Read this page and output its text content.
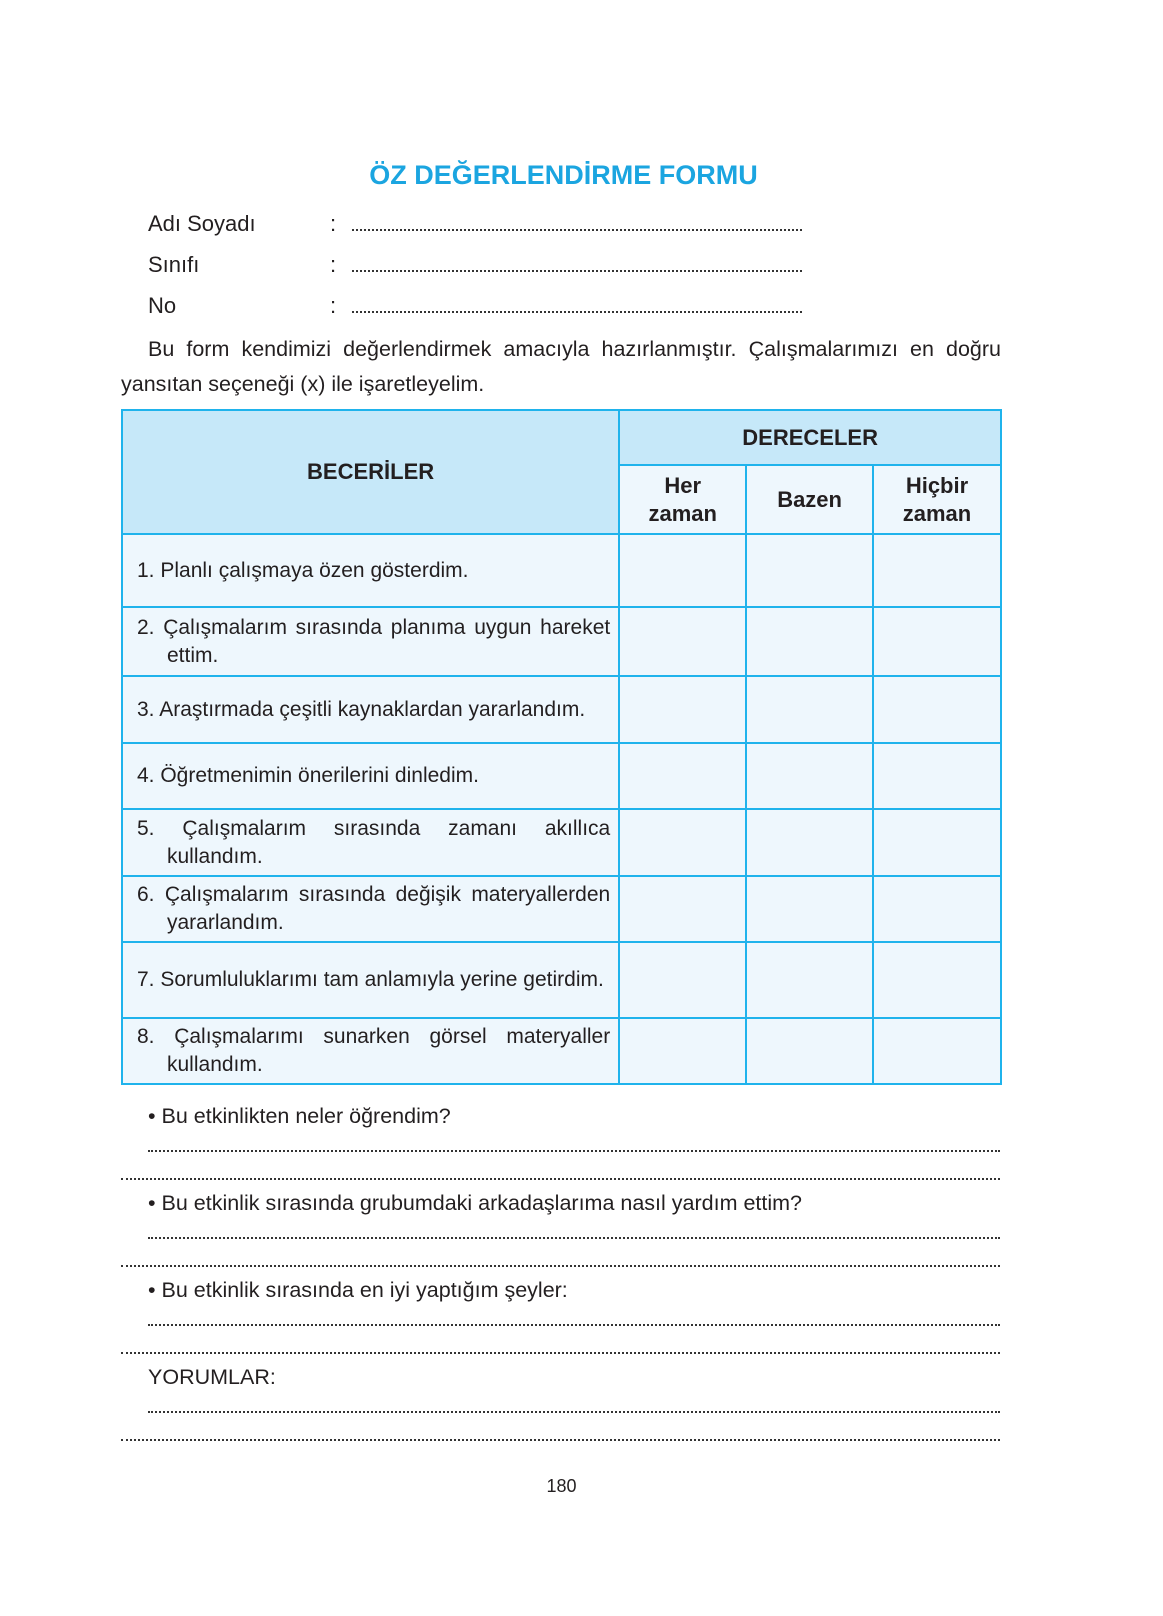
ÖZ DEĞERLENDİRME FORMU
Adı Soyadı	:
Sınıfı	:
No	:
Bu form kendimizi değerlendirmek amacıyla hazırlanmıştır. Çalışmalarımızı en doğru yansıtan seçeneği (x) ile işaretleyelim.
BECERİLER	DERECELER		
	Her zaman	Bazen	Hiçbir zaman

1. Planlı çalışmaya özen gösterdim.			

2. Çalışmalarım sırasında planıma uygun hareket ettim.			

3. Araştırmada çeşitli kaynaklardan yararlandım.			

4. Öğretmenimin önerilerini dinledim.			

5. Çalışmalarım sırasında zamanı akıllıca kullandım.			

6. Çalışmalarım sırasında değişik materyallerden yararlandım.			

7. Sorumluluklarımı tam anlamıyla yerine getirdim.			

8. Çalışmalarımı sunarken görsel materyaller kullandım.			

• Bu etkinlikten neler öğrendim?
• Bu etkinlik sırasında grubumdaki arkadaşlarıma nasıl yardım ettim?
• Bu etkinlik sırasında en iyi yaptığım şeyler:
YORUMLAR:
180
